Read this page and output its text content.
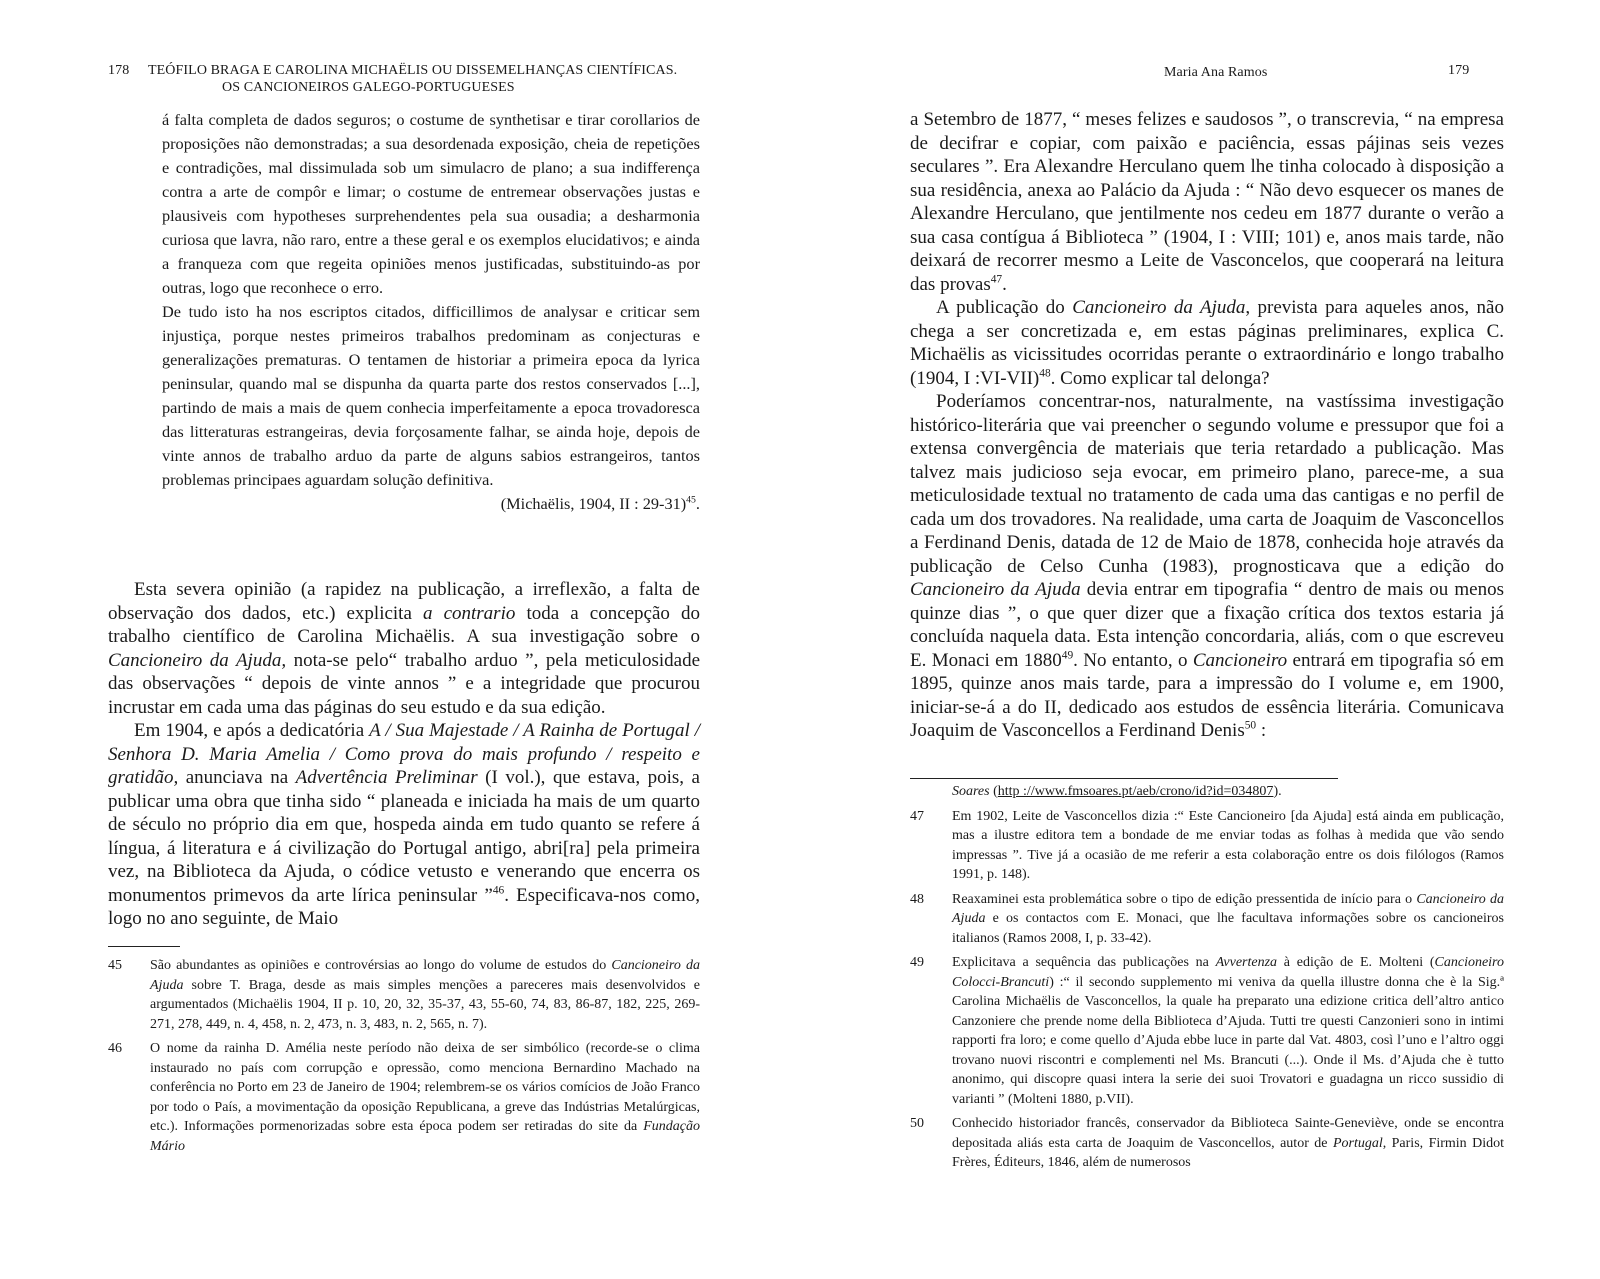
178 TEÓFILO BRAGA E CAROLINA MICHAËLIS OU DISSEMELHANÇAS CIENTÍFICAS.
OS CANCIONEIROS GALEGO-PORTUGUESES

á falta completa de dados seguros; o costume de synthetisar e tirar corollarios de proposições não demonstradas; a sua desordenada exposição, cheia de repetições e contradições, mal dissimulada sob um simulacro de plano; a sua indifferença contra a arte de compôr e limar; o costume de entremear observações justas e plausiveis com hypotheses surprehendentes pela sua ousadia; a desharmonia curiosa que lavra, não raro, entre a these geral e os exemplos elucidativos; e ainda a franqueza com que regeita opiniões menos justificadas, substituindo-as por outras, logo que reconhece o erro.

De tudo isto ha nos escriptos citados, difficillimos de analysar e criticar sem injustiça, porque nestes primeiros trabalhos predominam as conjecturas e generalizações prematuras. O tentamen de historiar a primeira epoca da lyrica peninsular, quando mal se dispunha da quarta parte dos restos conservados [...], partindo de mais a mais de quem conhecia imperfeitamente a epoca trovadoresca das litteraturas estrangeiras, devia forçosamente falhar, se ainda hoje, depois de vinte annos de trabalho arduo da parte de alguns sabios estrangeiros, tantos problemas principaes aguardam solução definitiva.

(Michaëlis, 1904, II : 29-31)$^{45}$.

Esta severa opinião (a rapidez na publicação, a irreflexão, a falta de observação dos dados, etc.) explicita a contrario toda a concepção do trabalho científico de Carolina Michaëlis. A sua investigação sobre o Cancioneiro da Ajuda, nota-se pelo“ trabalho arduo ”, pela meticulosidade das observações “ depois de vinte annos ” e a integridade que procurou incrustar em cada uma das páginas do seu estudo e da sua edição.

Em 1904, e após a dedicatória A / Sua Majestade / A Rainha de Portugal / Senhora D. Maria Amelia / Como prova do mais profundo / respeito e gratidão, anunciava na Advertência Preliminar (I vol.), que estava, pois, a publicar uma obra que tinha sido “ planeada e iniciada ha mais de um quarto de século no próprio dia em que, hospeda ainda em tudo quanto se refere á língua, á literatura e á civilização do Portugal antigo, abri[ra] pela primeira vez, na Biblioteca da Ajuda, o códice vetusto e venerando que encerra os monumentos primevos da arte lírica peninsular ”$^{46}$. Especificava-nos como, logo no ano seguinte, de Maio

45 São abundantes as opiniões e controvérsias ao longo do volume de estudos do Cancioneiro da Ajuda sobre T. Braga, desde as mais simples menções a pareceres mais desenvolvidos e argumentados (Michaëlis 1904, II p. 10, 20, 32, 35-37, 43, 55-60, 74, 83, 86-87, 182, 225, 269-271, 278, 449, n. 4, 458, n. 2, 473, n. 3, 483, n. 2, 565, n. 7).
46 O nome da rainha D. Amélia neste período não deixa de ser simbólico (recorde-se o clima instaurado no país com corrupção e opressão, como menciona Bernardino Machado na conferência no Porto em 23 de Janeiro de 1904; relembrem-se os vários comícios de João Franco por todo o País, a movimentação da oposição Republicana, a greve das Indústrias Metalúrgicas, etc.). Informações pormenorizadas sobre esta época podem ser retiradas do site da Fundação Mário
Maria Ana Ramos	179

a Setembro de 1877, “ meses felizes e saudosos ”, o transcrevia, “ na empresa de decifrar e copiar, com paixão e paciência, essas pájinas seis vezes seculares ”. Era Alexandre Herculano quem lhe tinha colocado à disposição a sua residência, anexa ao Palácio da Ajuda : “ Não devo esquecer os manes de Alexandre Herculano, que jentilmente nos cedeu em 1877 durante o verão a sua casa contígua á Biblioteca ” (1904, I : VIII; 101) e, anos mais tarde, não deixará de recorrer mesmo a Leite de Vasconcelos, que cooperará na leitura das provas$^{47}$.

A publicação do Cancioneiro da Ajuda, prevista para aqueles anos, não chega a ser concretizada e, em estas páginas preliminares, explica C. Michaëlis as vicissitudes ocorridas perante o extraordinário e longo trabalho (1904, I :VI-VII)$^{48}$. Como explicar tal delonga?

Poderíamos concentrar-nos, naturalmente, na vastíssima investigação histórico-literária que vai preencher o segundo volume e pressupor que foi a extensa convergência de materiais que teria retardado a publicação. Mas talvez mais judicioso seja evocar, em primeiro plano, parece-me, a sua meticulosidade textual no tratamento de cada uma das cantigas e no perfil de cada um dos trovadores. Na realidade, uma carta de Joaquim de Vasconcellos a Ferdinand Denis, datada de 12 de Maio de 1878, conhecida hoje através da publicação de Celso Cunha (1983), prognosticava que a edição do Cancioneiro da Ajuda devia entrar em tipografia “ dentro de mais ou menos quinze dias ”, o que quer dizer que a fixação crítica dos textos estaria já concluída naquela data. Esta intenção concordaria, aliás, com o que escreveu E. Monaci em 1880$^{49}$. No entanto, o Cancioneiro entrará em tipografia só em 1895, quinze anos mais tarde, para a impressão do I volume e, em 1900, iniciar-se-á a do II, dedicado aos estudos de essência literária. Comunicava Joaquim de Vasconcellos a Ferdinand Denis$^{50}$ :

Soares (http ://www.fmsoares.pt/aeb/crono/id?id=034807).
47 Em 1902, Leite de Vasconcellos dizia :“ Este Cancioneiro [da Ajuda] está ainda em publicação, mas a ilustre editora tem a bondade de me enviar todas as folhas à medida que vão sendo impressas ”. Tive já a ocasião de me referir a esta colaboração entre os dois filólogos (Ramos 1991, p. 148).
48 Reaxaminei esta problemática sobre o tipo de edição pressentida de início para o Cancioneiro da Ajuda e os contactos com E. Monaci, que lhe facultava informações sobre os cancioneiros italianos (Ramos 2008, I, p. 33-42).
49 Explicitava a sequência das publicações na Avvertenza à edição de E. Molteni (Cancioneiro Colocci-Brancuti) :“ il secondo supplemento mi veniva da quella illustre donna che è la Sig.ª Carolina Michaëlis de Vasconcellos, la quale ha preparato una edizione critica dell’altro antico Canzoniere che prende nome della Biblioteca d’Ajuda. Tutti tre questi Canzonieri sono in intimi rapporti fra loro; e come quello d’Ajuda ebbe luce in parte dal Vat. 4803, così l’uno e l’altro oggi trovano nuovi riscontri e complementi nel Ms. Brancuti (...). Onde il Ms. d’Ajuda che è tutto anonimo, qui discopre quasi intera la serie dei suoi Trovatori e guadagna un ricco sussidio di varianti ” (Molteni 1880, p.VII).
50 Conhecido historiador francês, conservador da Biblioteca Sainte-Geneviève, onde se encontra depositada aliás esta carta de Joaquim de Vasconcellos, autor de Portugal, Paris, Firmin Didot Frères, Éditeurs, 1846, além de numerosos
